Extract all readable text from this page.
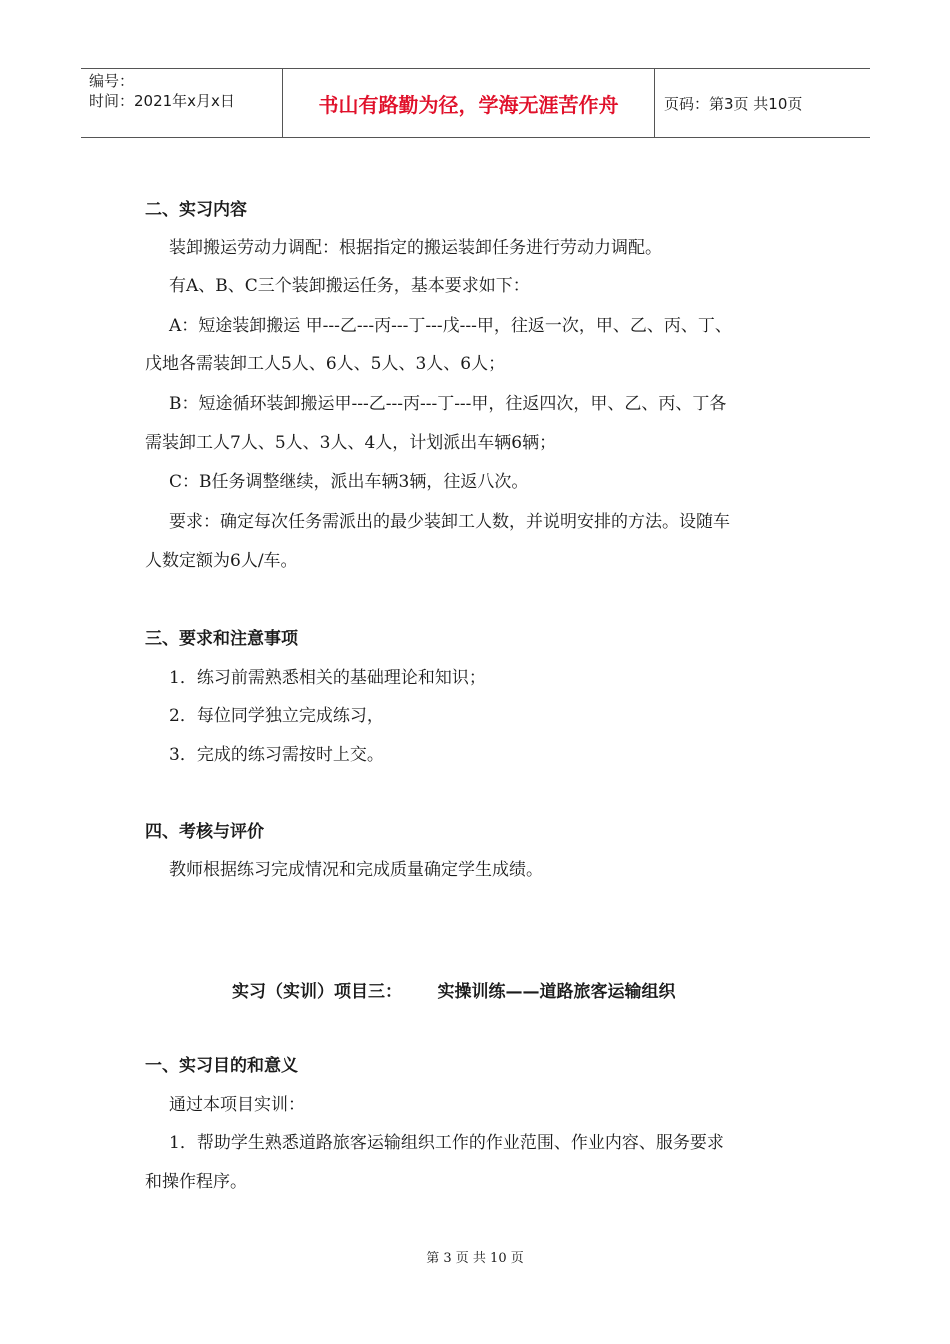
编号：
时间：2021年x月x日	书山有路勤为径，学海无涯苦作舟	页码：第3页 共10页
二、实习内容
装卸搬运劳动力调配：根据指定的搬运装卸任务进行劳动力调配。
有A、B、C三个装卸搬运任务，基本要求如下：
A：短途装卸搬运 甲---乙---丙---丁---戊---甲，往返一次，甲、乙、丙、丁、
戊地各需装卸工人5人、6人、5人、3人、6人；
B：短途循环装卸搬运甲---乙---丙---丁---甲，往返四次，甲、乙、丙、丁各
需装卸工人7人、5人、3人、4人，计划派出车辆6辆；
C：B任务调整继续，派出车辆3辆，往返八次。
要求：确定每次任务需派出的最少装卸工人数，并说明安排的方法。设随车
人数定额为6人/车。
三、要求和注意事项
1．练习前需熟悉相关的基础理论和知识；
2．每位同学独立完成练习，
3．完成的练习需按时上交。
四、考核与评价
教师根据练习完成情况和完成质量确定学生成绩。
实习（实训）项目三：      实操训练——道路旅客运输组织
一、实习目的和意义
通过本项目实训：
1．帮助学生熟悉道路旅客运输组织工作的作业范围、作业内容、服务要求
和操作程序。
第 3 页 共 10 页
